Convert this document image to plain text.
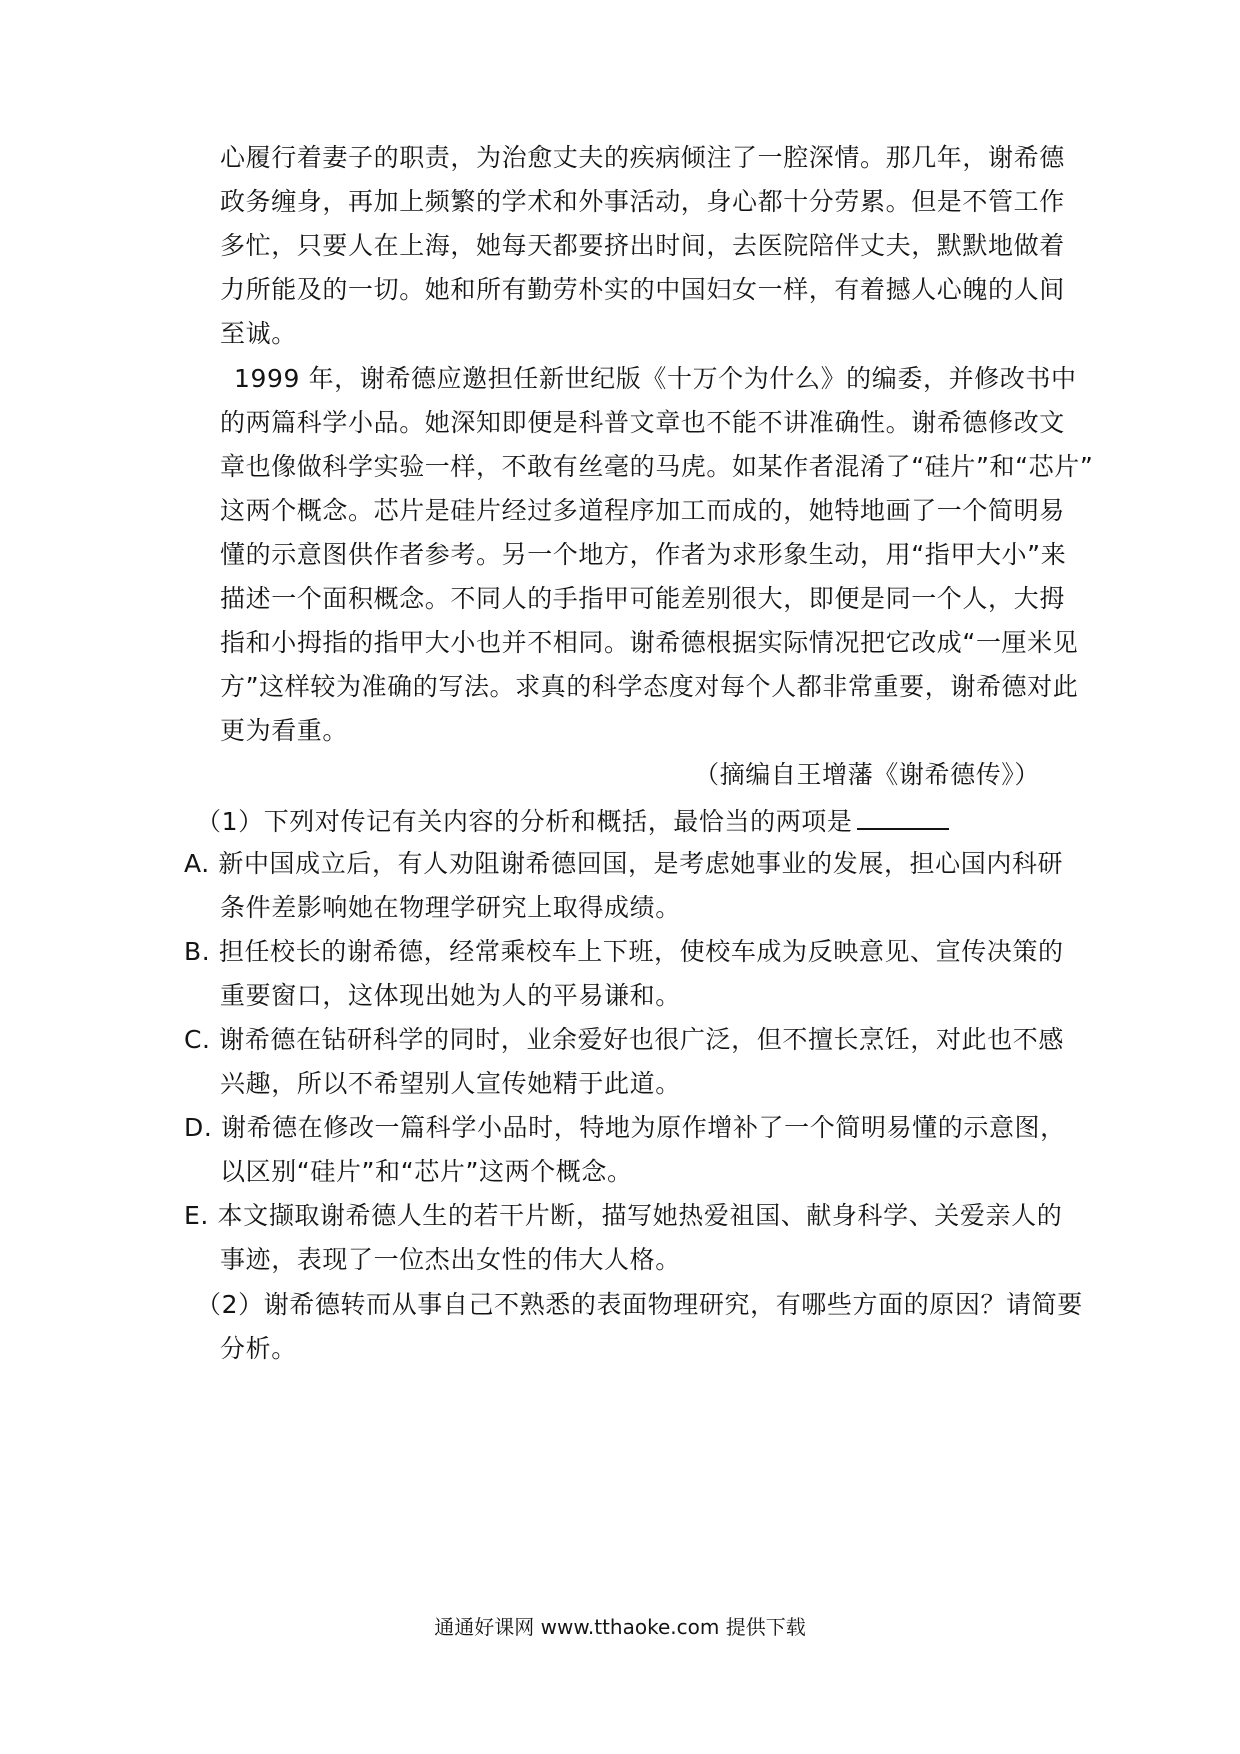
心履行着妻子的职责，为治愈丈夫的疾病倾注了一腔深情。那几年，谢希德
政务缠身，再加上频繁的学术和外事活动，身心都十分劳累。但是不管工作
多忙，只要人在上海，她每天都要挤出时间，去医院陪伴丈夫，默默地做着
力所能及的一切。她和所有勤劳朴实的中国妇女一样，有着撼人心魄的人间
至诚。
1999 年，谢希德应邀担任新世纪版《十万个为什么》的编委，并修改书中
的两篇科学小品。她深知即便是科普文章也不能不讲准确性。谢希德修改文
章也像做科学实验一样，不敢有丝毫的马虎。如某作者混淆了“硅片”和“芯片”
这两个概念。芯片是硅片经过多道程序加工而成的，她特地画了一个简明易
懂的示意图供作者参考。另一个地方，作者为求形象生动，用“指甲大小”来
描述一个面积概念。不同人的手指甲可能差别很大，即便是同一个人，大拇
指和小拇指的指甲大小也并不相同。谢希德根据实际情况把它改成“一厘米见
方”这样较为准确的写法。求真的科学态度对每个人都非常重要，谢希德对此
更为看重。
（摘编自王增藩《谢希德传》）
（1）下列对传记有关内容的分析和概括，最恰当的两项是
A. 新中国成立后，有人劝阻谢希德回国，是考虑她事业的发展，担心国内科研
条件差影响她在物理学研究上取得成绩。
B. 担任校长的谢希德，经常乘校车上下班，使校车成为反映意见、宣传决策的
重要窗口，这体现出她为人的平易谦和。
C. 谢希德在钻研科学的同时，业余爱好也很广泛，但不擅长烹饪，对此也不感
兴趣，所以不希望别人宣传她精于此道。
D. 谢希德在修改一篇科学小品时，特地为原作增补了一个简明易懂的示意图，
以区别“硅片”和“芯片”这两个概念。
E. 本文撷取谢希德人生的若干片断，描写她热爱祖国、献身科学、关爱亲人的
事迹，表现了一位杰出女性的伟大人格。
（2）谢希德转而从事自己不熟悉的表面物理研究，有哪些方面的原因？请简要
分析。
通通好课网 www.tthaoke.com 提供下载
